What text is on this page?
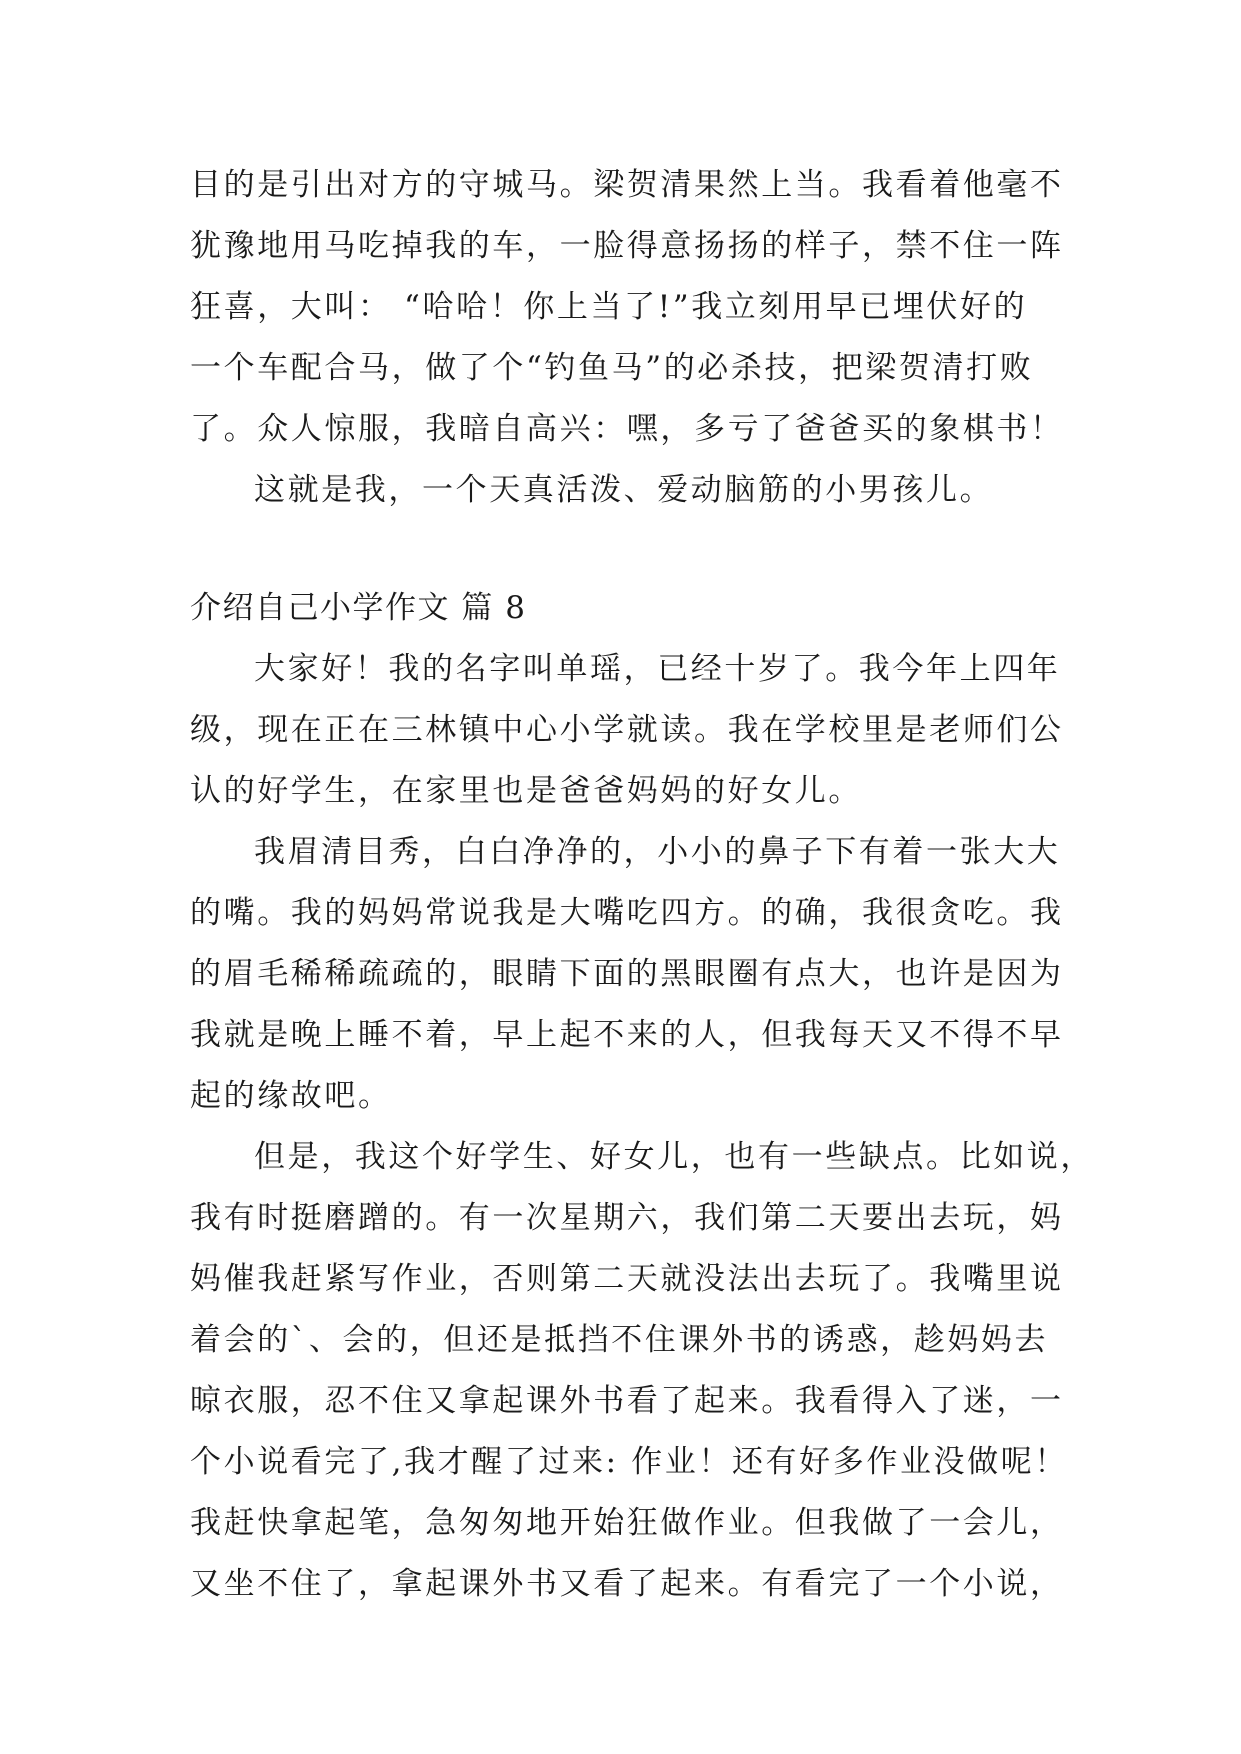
目的是引出对方的守城马。梁贺清果然上当。我看着他毫不
犹豫地用马吃掉我的车，一脸得意扬扬的样子，禁不住一阵
狂喜，大叫： “哈哈！你上当了!”我立刻用早已埋伏好的
一个车配合马，做了个“钓鱼马”的必杀技，把梁贺清打败
了。众人惊服，我暗自高兴：嘿，多亏了爸爸买的象棋书！

这就是我，一个天真活泼、爱动脑筋的小男孩儿。

介绍自己小学作文 篇 8

大家好！我的名字叫单瑶，已经十岁了。我今年上四年
级，现在正在三林镇中心小学就读。我在学校里是老师们公
认的好学生，在家里也是爸爸妈妈的好女儿。

我眉清目秀，白白净净的，小小的鼻子下有着一张大大
的嘴。我的妈妈常说我是大嘴吃四方。的确，我很贪吃。我
的眉毛稀稀疏疏的，眼睛下面的黑眼圈有点大，也许是因为
我就是晚上睡不着，早上起不来的人，但我每天又不得不早
起的缘故吧。

但是，我这个好学生、好女儿，也有一些缺点。比如说，
我有时挺磨蹭的。有一次星期六，我们第二天要出去玩，妈
妈催我赶紧写作业，否则第二天就没法出去玩了。我嘴里说
着会的`、会的，但还是抵挡不住课外书的诱惑，趁妈妈去
晾衣服，忍不住又拿起课外书看了起来。我看得入了迷，一
个小说看完了,我才醒了过来: 作业！还有好多作业没做呢！
我赶快拿起笔，急匆匆地开始狂做作业。但我做了一会儿，
又坐不住了，拿起课外书又看了起来。有看完了一个小说，
